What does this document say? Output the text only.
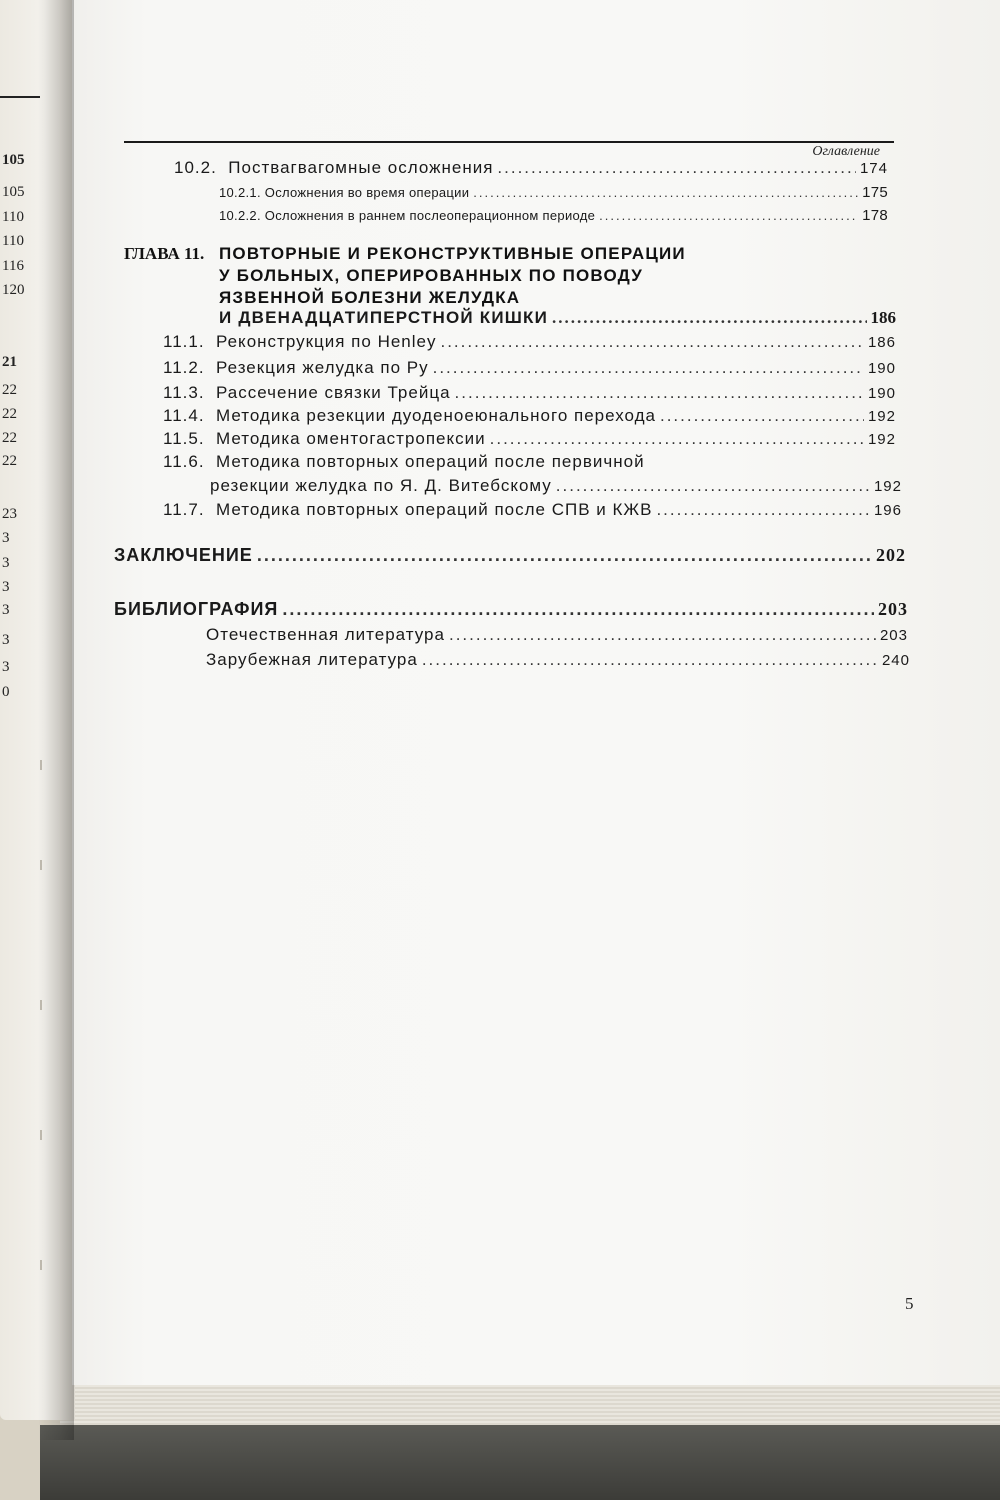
105
105
110
110
116
120
21
22
22
22
22
23
3
3
3
3
3
3
0
Оглавление
10.2. Поствагвагомные осложнения .....	174
10.2.1. Осложнения во время операции .....	175
10.2.2. Осложнения в раннем послеоперационном периоде .....	178
ГЛАВА 11. ПОВТОРНЫЕ И РЕКОНСТРУКТИВНЫЕ ОПЕРАЦИИ
У БОЛЬНЫХ, ОПЕРИРОВАННЫХ ПО ПОВОДУ
ЯЗВЕННОЙ БОЛЕЗНИ ЖЕЛУДКА
И ДВЕНАДЦАТИПЕРСТНОЙ КИШКИ .....	186
11.1. Реконструкция по Henley .....	186
11.2. Резекция желудка по Ру .....	190
11.3. Рассечение связки Трейца .....	190
11.4. Методика резекции дуоденоеюнального перехода .....	192
11.5. Методика оментогастропексии .....	192
11.6. Методика повторных операций после первичной
резекции желудка по Я. Д. Витебскому .....	192
11.7. Методика повторных операций после СПВ и КЖВ .....	196
ЗАКЛЮЧЕНИЕ .....	202
БИБЛИОГРАФИЯ .....	203
Отечественная литература .....	203
Зарубежная литература .....	240
5
